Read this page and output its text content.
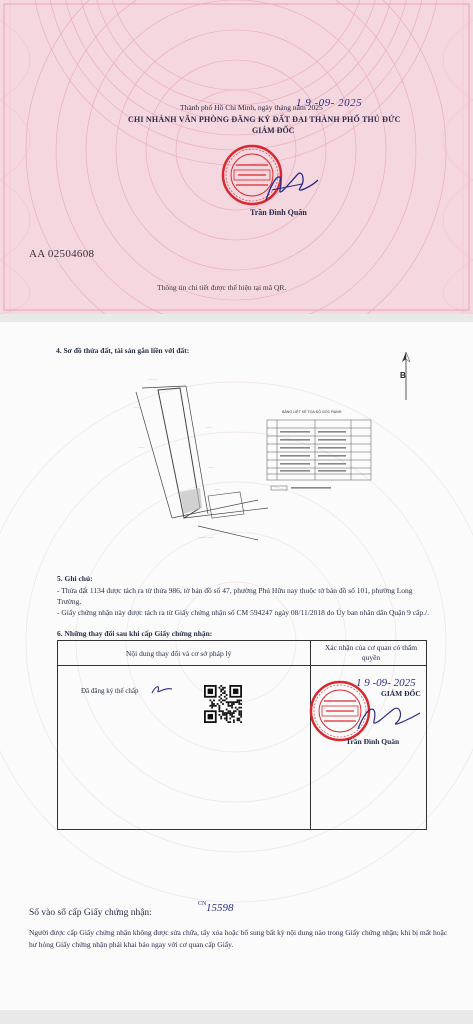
1 9 -09- 2025
Thành phố Hồ Chí Minh, ngày tháng năm 2025
CHI NHÁNH VĂN PHÒNG ĐĂNG KÝ ĐẤT ĐAI THÀNH PHỐ THỦ ĐỨC
GIÁM ĐỐC
Trần Đình Quân
AA 02504608
Thông tin chi tiết được thể hiện tại mã QR.
4. Sơ đồ thửa đất, tài sản gắn liền với đất:
B
………
……
……
……
……
……
……………
BẢNG LIỆT KÊ TỌA ĐỘ GÓC RANH
5. Ghi chú:
- Thửa đất 1134 được tách ra từ thửa 986, tờ bản đồ số 47, phường Phú Hữu nay thuộc tờ bản đồ số 101, phường Long Trường.
- Giấy chứng nhận này được tách ra từ Giấy chứng nhận số CM 594247 ngày 08/11/2018 do Ủy ban nhân dân Quận 9 cấp./.
6. Những thay đổi sau khi cấp Giấy chứng nhận:
Nội dung thay đổi và cơ sở pháp lý
Xác nhận của cơ quan có thẩm quyền
Đã đăng ký thế chấp
1 9 -09- 2025
GIÁM ĐỐC
Trần Đình Quân
Số vào sổ cấp Giấy chứng nhận:
CN 15598
Người được cấp Giấy chứng nhận không được sửa chữa, tẩy xóa hoặc bổ sung bất kỳ nội dung nào trong Giấy chứng nhận; khi bị mất hoặc hư hỏng Giấy chứng nhận phải khai báo ngay với cơ quan cấp Giấy.
